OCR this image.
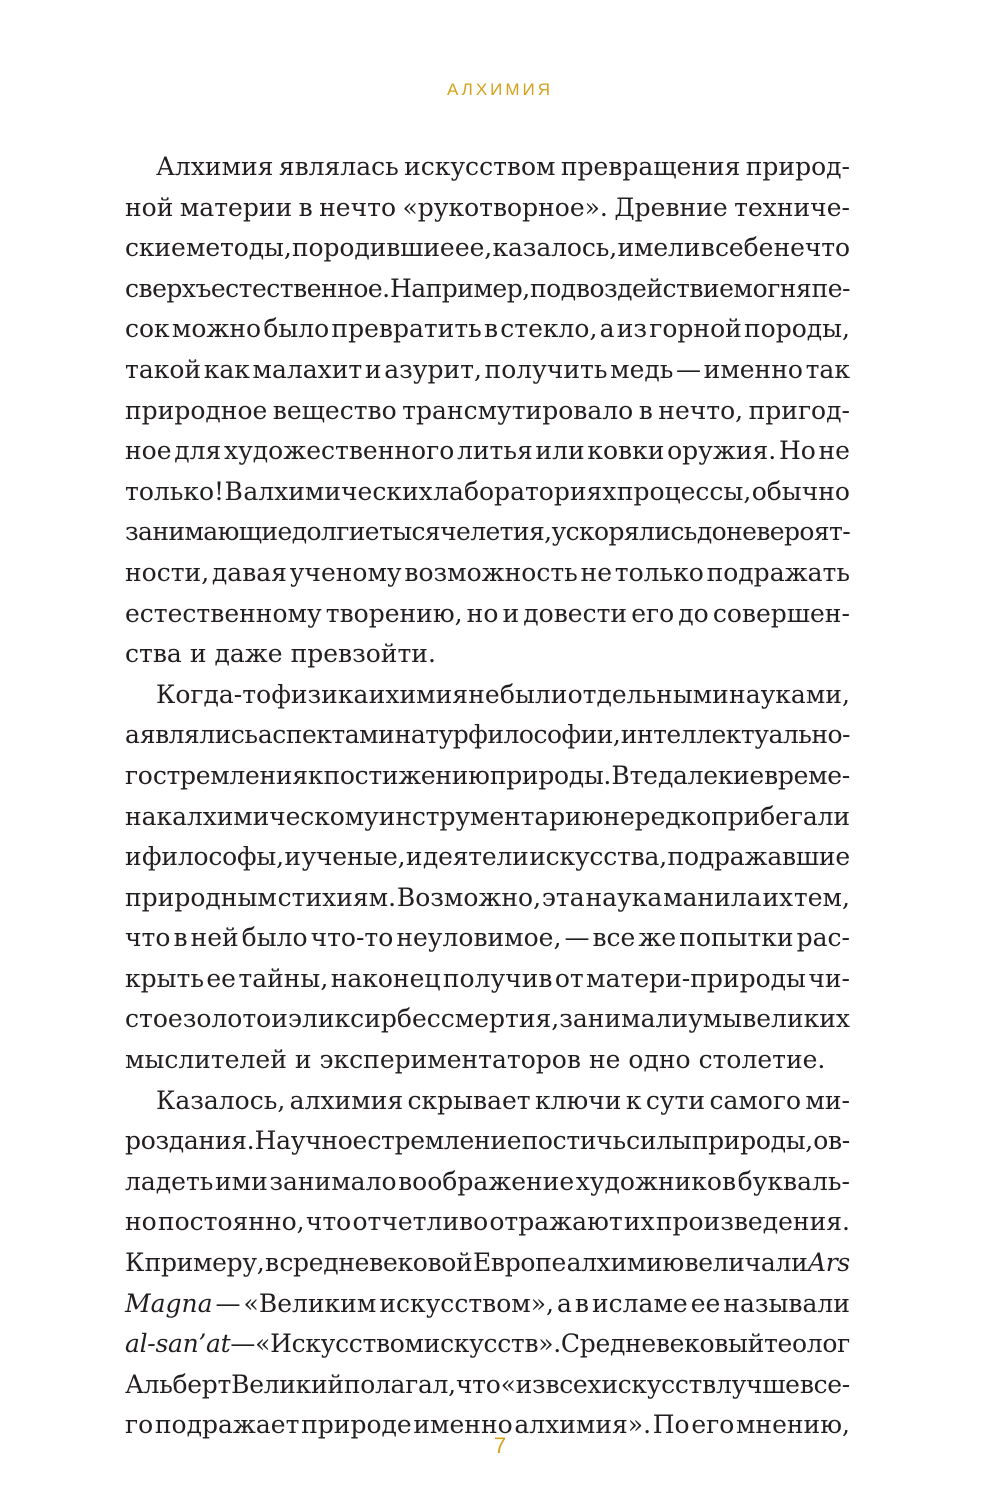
АЛХИМИЯ
Алхимия являлась искусством превращения природ-
ной материи в нечто «рукотворное». Древние техниче-
ские методы, породившие ее, казалось, имели в себе нечто
сверхъестественное. Например, под воздействием огня пе-
сок можно было превратить в стекло, а из горной породы,
такой как малахит и азурит, получить медь — именно так
природное вещество трансмутировало в нечто, пригод-
ное для художественного литья или ковки оружия. Но не
только! В алхимических лабораториях процессы, обычно
занимающие долгие тысячелетия, ускорялись до невероят-
ности, давая ученому возможность не только подражать
естественному творению, но и довести его до совершен-
ства и даже превзойти.
Когда-то физика и химия не были отдельными науками,
а являлись аспектами натурфилософии, интеллектуально-
го стремления к постижению природы. В те далекие време-
на к алхимическому инструментарию нередко прибегали
и философы, и ученые, и деятели искусства, подражавшие
природным стихиям. Возможно, эта наука манила их тем,
что в ней было что-то неуловимое, — все же попытки рас-
крыть ее тайны, наконец получив от матери-природы чи-
стое золото и эликсир бессмертия, занимали умы великих
мыслителей и экспериментаторов не одно столетие.
Казалось, алхимия скрывает ключи к сути самого ми-
роздания. Научное стремление постичь силы природы, ов-
ладеть ими занимало воображение художников букваль-
но постоянно, что отчетливо отражают их произведения.
К примеру, в средневековой Европе алхимию величали Ars
Magna — «Великим искусством», а в исламе ее называли
al-san’at — «Искусством искусств». Средневековый теолог
Альберт Великий полагал, что «из всех искусств лучше все-
го подражает природе именно алхимия». По его мнению,
7
